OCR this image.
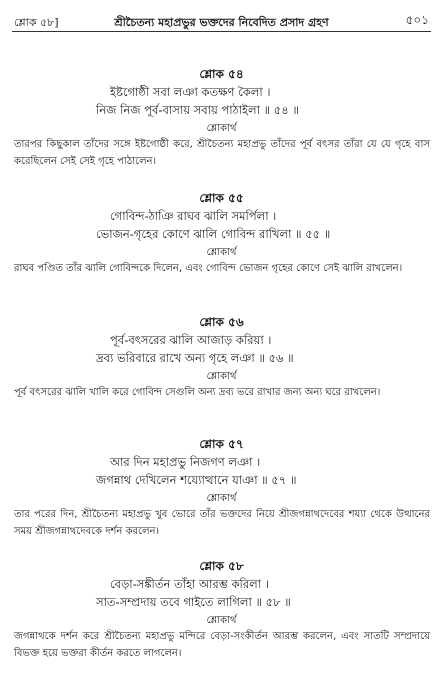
শ্লোক ৫৮]	শ্রীচৈতন্য মহাপ্রভুর ভক্তদের নিবেদিত প্রসাদ গ্রহণ	৫০১
শ্লোক ৫৪
ইষ্টগোষ্ঠী সবা লঞা কতক্ষণ কৈলা ।
নিজ নিজ পূর্ব-বাসায় সবায় পাঠাইলা ॥ ৫৪ ॥
শ্লোকার্থ
তারপর কিছুকাল তাঁদের সঙ্গে ইষ্টগোষ্ঠী করে, শ্রীচৈতন্য মহাপ্রভু তাঁদের পূর্ব বৎসর তাঁরা যে যে গৃহে বাস করেছিলেন সেই সেই গৃহে পাঠালেন।
শ্লোক ৫৫
গোবিন্দ-ঠাঞি রাঘব ঝালি সমর্পিলা ।
ভোজন-গৃহের কোণে ঝালি গোবিন্দ রাখিলা ॥ ৫৫ ॥
শ্লোকার্থ
রাঘব পণ্ডিত তাঁর ঝালি গোবিন্দকে দিলেন, এবং গোবিন্দ ভোজন গৃহের কোণে সেই ঝালি রাখলেন।
শ্লোক ৫৬
পূর্ব-বৎসরের ঝালি আজাড় করিয়া ।
দ্রব্য ভরিবারে রাখে অন্য গৃহে লঞা ॥ ৫৬ ॥
শ্লোকার্থ
পূর্ব বৎসরের ঝালি খালি করে গোবিন্দ সেগুলি অন্য দ্রব্য ভরে রাখার জন্য অন্য ঘরে রাখলেন।
শ্লোক ৫৭
আর দিন মহাপ্রভু নিজগণ লঞা ।
জগন্নাথ দেখিলেন শয্যোত্থানে যাঞা ॥ ৫৭ ॥
শ্লোকার্থ
তার পরের দিন, শ্রীচৈতন্য মহাপ্রভু খুব ভোরে তাঁর ভক্তদের নিয়ে শ্রীজগন্নাথদেবের শয্যা থেকে উত্থানের সময় শ্রীজগন্নাথদেবকে দর্শন করলেন।
শ্লোক ৫৮
বেড়া-সঙ্কীর্তন তাঁহা আরম্ভ করিলা ।
সাত-সম্প্রদায় তবে গাইতে লাগিলা ॥ ৫৮ ॥
শ্লোকার্থ
জগন্নাথকে দর্শন করে শ্রীচৈতন্য মহাপ্রভু মন্দিরে বেড়া-সংকীর্তন আরম্ভ করলেন, এবং সাতটি সম্প্রদায়ে বিভক্ত হয়ে ভক্তরা কীর্তন করতে লাগলেন।
